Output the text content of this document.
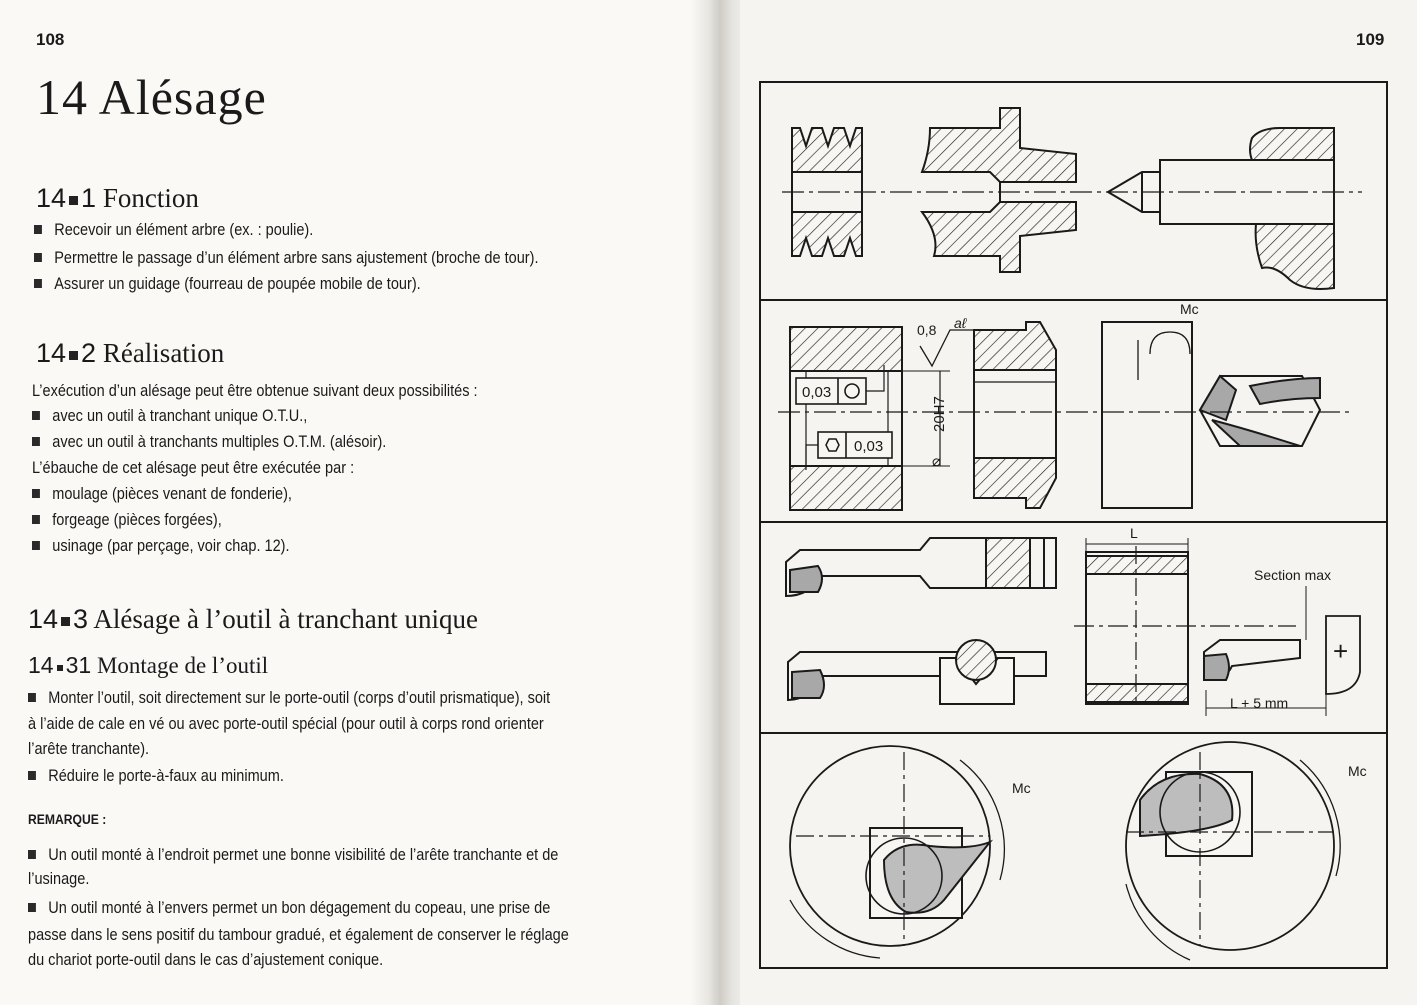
108
14 Alésage
14 1 Fonction
Recevoir un élément arbre (ex. : poulie).
Permettre le passage d’un élément arbre sans ajustement (broche de tour).
Assurer un guidage (fourreau de poupée mobile de tour).
14 2 Réalisation
L’exécution d’un alésage peut être obtenue suivant deux possibilités :
avec un outil à tranchant unique O.T.U.,
avec un outil à tranchants multiples O.T.M. (alésoir).
L’ébauche de cet alésage peut être exécutée par :
moulage (pièces venant de fonderie),
forgeage (pièces forgées),
usinage (par perçage, voir chap. 12).
14 3 Alésage à l’outil à tranchant unique
14 31 Montage de l’outil
Monter l’outil, soit directement sur le porte-outil (corps d’outil prismatique), soit
à l’aide de cale en vé ou avec porte-outil spécial (pour outil à corps rond orienter
l’arête tranchante).
Réduire le porte-à-faux au minimum.
REMARQUE :
Un outil monté à l’endroit permet une bonne visibilité de l’arête tranchante et de
l’usinage.
Un outil monté à l’envers permet un bon dégagement du copeau, une prise de
passe dans le sens positif du tambour gradué, et également de conserver le réglage
du chariot porte-outil dans le cas d’ajustement conique.
109
0,8 aℓ
0,03
0,03
20H7
⌀
Mc
Mc
Mc
L
Section max
L + 5 mm
+
